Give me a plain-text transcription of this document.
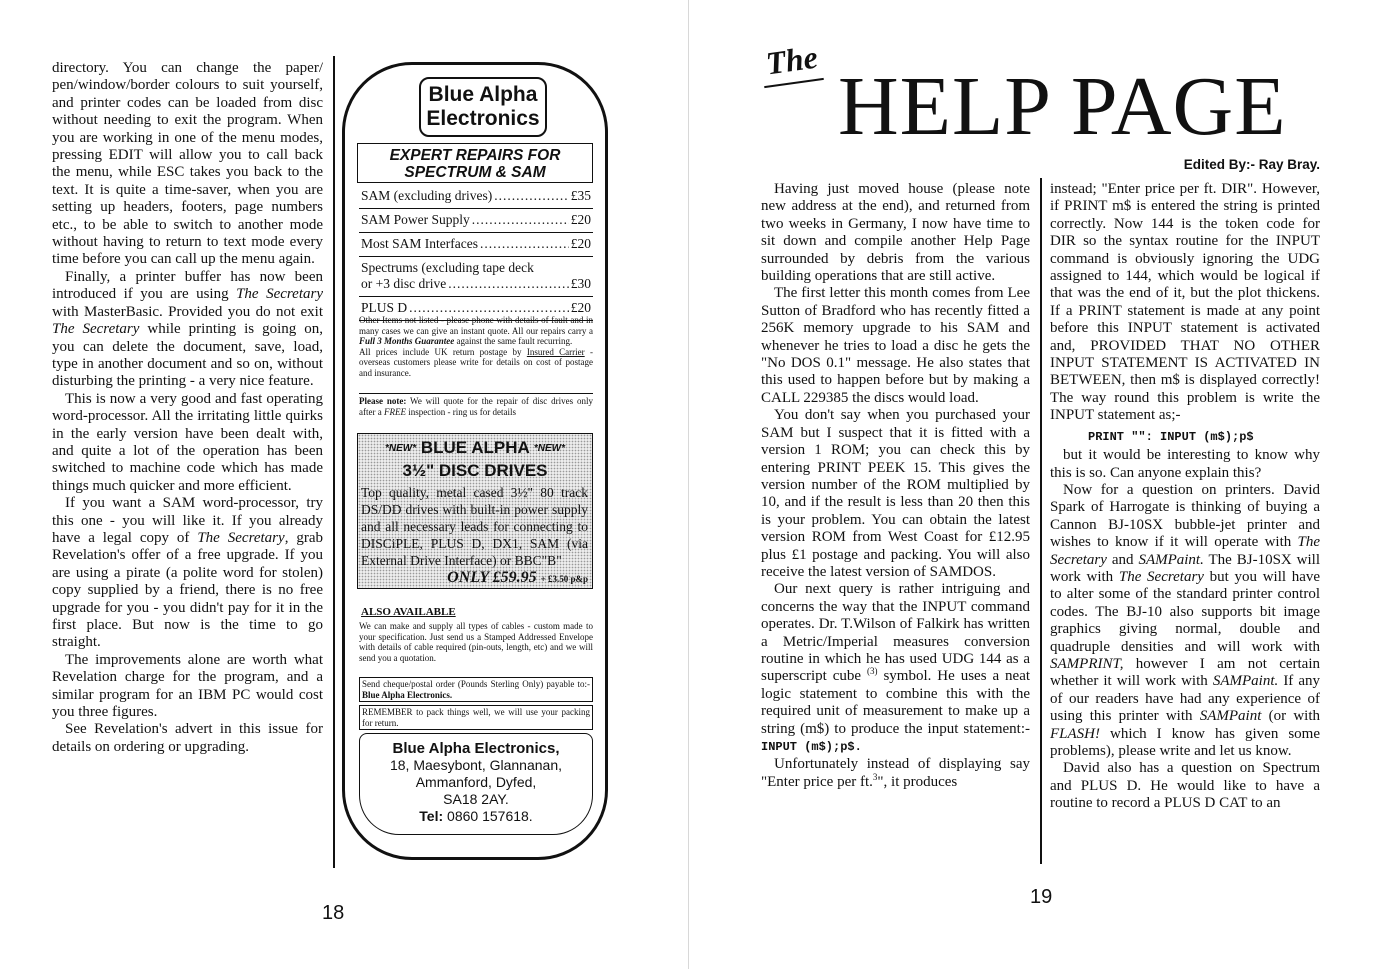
directory. You can change the paper/ pen/window/border colours to suit yourself, and printer codes can be loaded from disc without needing to exit the program. When you are working in one of the menu modes, pressing EDIT will allow you to call back the menu, while ESC takes you back to the text. It is quite a time-saver, when you are setting up headers, footers, page numbers etc., to be able to switch to another mode without having to return to text mode every time before you can call up the menu again.

Finally, a printer buffer has now been introduced if you are using The Secretary with MasterBasic. Provided you do not exit The Secretary while printing is going on, you can delete the document, save, load, type in another document and so on, without disturbing the printing - a very nice feature.

This is now a very good and fast operating word-processor. All the irritating little quirks in the early version have been dealt with, and quite a lot of the operation has been switched to machine code which has made things much quicker and more efficient.

If you want a SAM word-processor, try this one - you will like it. If you already have a legal copy of The Secretary, grab Revelation's offer of a free upgrade. If you are using a pirate (a polite word for stolen) copy supplied by a friend, there is no free upgrade for you - you didn't pay for it in the first place. But now is the time to go straight.

The improvements alone are worth what Revelation charge for the program, and a similar program for an IBM PC would cost you three figures.

See Revelation's advert in this issue for details on ordering or upgrading.

Blue Alpha
Electronics
EXPERT REPAIRS FOR
SPECTRUM & SAM
SAM (excluding drives) .....	£35
SAM Power Supply .....	£20
Most SAM Interfaces .....	£20
Spectrums (excluding tape deck
or +3 disc drive .....	£30
PLUS D .....	£20
Other Items not listed - please phone with details of fault and in many cases we can give an instant quote. All our repairs carry a Full 3 Months Guarantee against the same fault recurring.
All prices include UK return postage by Insured Carrier - overseas customers please write for details on cost of postage and insurance.
Please note: We will quote for the repair of disc drives only after a FREE inspection - ring us for details
*NEW* BLUE ALPHA *NEW*
3½" DISC DRIVES
Top quality, metal cased 3½" 80 track DS/DD drives with built-in power supply and all necessary leads for connecting to DISCiPLE, PLUS D, DX1, SAM (via External Drive Interface) or BBC"B"
ONLY £59.95 + £3.50 p&p
ALSO AVAILABLE
We can make and supply all types of cables - custom made to your specification. Just send us a Stamped Addressed Envelope with details of cable required (pin-outs, length, etc) and we will send you a quotation.
Send cheque/postal order (Pounds Sterling Only) payable to:- Blue Alpha Electronics.
REMEMBER to pack things well, we will use your packing for return.
Blue Alpha Electronics,
18, Maesybont, Glannanan,
Ammanford, Dyfed,
SA18 2AY.
Tel: 0860 157618.
18
The HELP PAGE
Edited By:- Ray Bray.

Having just moved house (please note new address at the end), and returned from two weeks in Germany, I now have time to sit down and compile another Help Page surrounded by debris from the various building operations that are still active.

The first letter this month comes from Lee Sutton of Bradford who has recently fitted a 256K memory upgrade to his SAM and whenever he tries to load a disc he gets the "No DOS 0.1" message. He also states that this used to happen before but by making a CALL 229385 the discs would load.

You don't say when you purchased your SAM but I suspect that it is fitted with a version 1 ROM; you can check this by entering PRINT PEEK 15. This gives the version number of the ROM multiplied by 10, and if the result is less than 20 then this is your problem. You can obtain the latest version ROM from West Coast for £12.95 plus £1 postage and packing. You will also receive the latest version of SAMDOS.

Our next query is rather intriguing and concerns the way that the INPUT command operates. Dr. T.Wilson of Falkirk has written a Metric/Imperial measures conversion routine in which he has used UDG 144 as a superscript cube $^{(3)}$ symbol. He uses a neat logic statement to combine this with the required unit of measurement to make up a string (m$) to produce the input statement:- INPUT (m$);p$.

Unfortunately instead of displaying say "Enter price per ft.$^3$", it produces

instead; "Enter price per ft. DIR". However, if PRINT m$ is entered the string is printed correctly. Now 144 is the token code for DIR so the syntax routine for the INPUT command is obviously ignoring the UDG assigned to 144, which would be logical if that was the end of it, but the plot thickens. If a PRINT statement is made at any point before this INPUT statement is activated and, PROVIDED THAT NO OTHER INPUT STATEMENT IS ACTIVATED IN BETWEEN, then m$ is displayed correctly! The way round this problem is write the INPUT statement as;-

PRINT "": INPUT (m$);p$

but it would be interesting to know why this is so. Can anyone explain this?

Now for a question on printers. David Spark of Harrogate is thinking of buying a Cannon BJ-10SX bubble-jet printer and wishes to know if it will operate with The Secretary and SAMPaint. The BJ-10SX will work with The Secretary but you will have to alter some of the standard printer control codes. The BJ-10 also supports bit image graphics giving normal, double and quadruple densities and will work with SAMPRINT, however I am not certain whether it will work with SAMPaint. If any of our readers have had any experience of using this printer with SAMPaint (or with FLASH! which I know has given some problems), please write and let us know.

David also has a question on Spectrum and PLUS D. He would like to have a routine to record a PLUS D CAT to an

19
